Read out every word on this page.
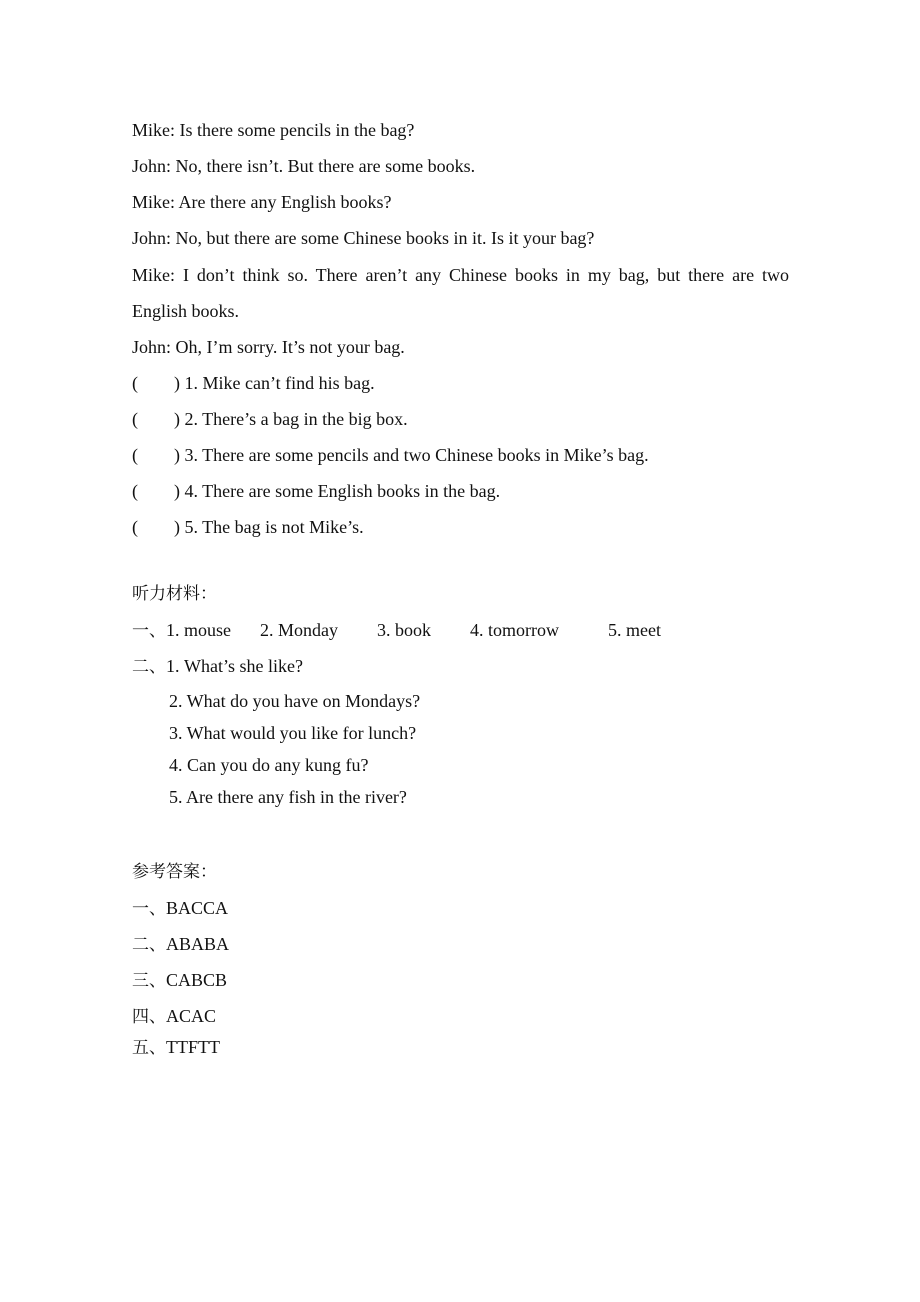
Mike: Is there some pencils in the bag?
John: No, there isn’t. But there are some books.
Mike: Are there any English books?
John: No, but there are some Chinese books in it. Is it your bag?
Mike: I don’t think so. There aren’t any Chinese books in my bag, but there are two
English books.
John: Oh, I’m sorry. It’s not your bag.
( ) 1. Mike can’t find his bag.
( ) 2. There’s a bag in the big box.
( ) 3. There are some pencils and two Chinese books in Mike’s bag.
( ) 4. There are some English books in the bag.
( ) 5. The bag is not Mike’s.
听力材料：
一、1. mouse 2. Monday 3. book 4. tomorrow	5. meet
二、1. What’s she like?
2. What do you have on Mondays?
3. What would you like for lunch?
4. Can you do any kung fu?
5. Are there any fish in the river?
参考答案：
一、BACCA
二、ABABA
三、CABCB
四、ACAC
五、TTFTT
